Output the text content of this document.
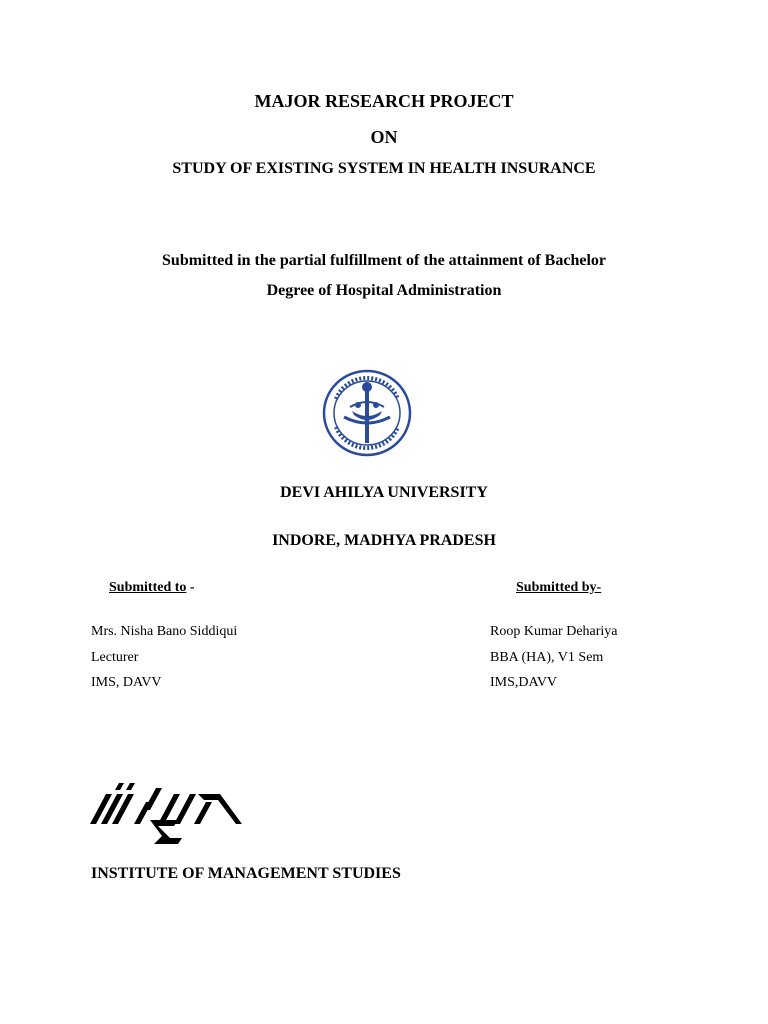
MAJOR RESEARCH PROJECT
ON
STUDY OF EXISTING SYSTEM IN HEALTH INSURANCE
Submitted in the partial fulfillment of the attainment of Bachelor
Degree of Hospital Administration
DEVI AHILYA UNIVERSITY
INDORE, MADHYA PRADESH
Submitted to -
Mrs. Nisha Bano Siddiqui
Lecturer
IMS, DAVV
Submitted by-
Roop Kumar Dehariya
BBA (HA), V1 Sem
IMS,DAVV
INSTITUTE OF MANAGEMENT STUDIES
